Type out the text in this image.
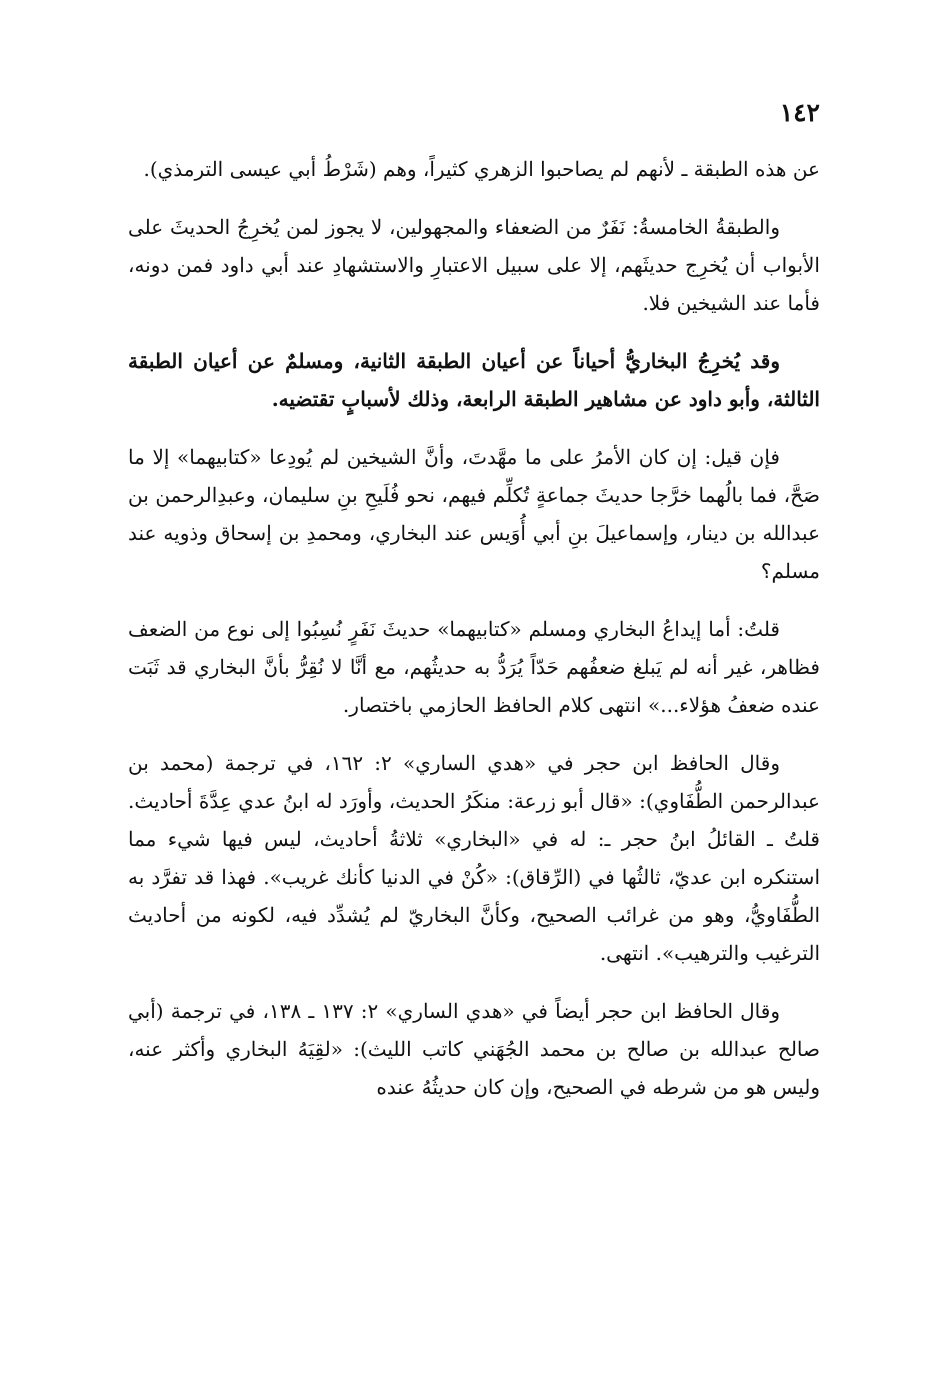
١٤٢

عن هذه الطبقة ـ لأنهم لم يصاحبوا الزهري كثيراً، وهم (شَرْطُ أبي عيسى الترمذي).

والطبقةُ الخامسةُ: نَفَرٌ من الضعفاء والمجهولين، لا يجوز لمن يُخرِجُ الحديثَ على الأبواب أن يُخرِج حديثَهم، إلا على سبيل الاعتبارِ والاستشهادِ عند أبي داود فمن دونه، فأما عند الشيخين فلا.

وقد يُخرِجُ البخاريُّ أحياناً عن أعيان الطبقة الثانية، ومسلمٌ عن أعيان الطبقة الثالثة، وأبو داود عن مشاهير الطبقة الرابعة، وذلك لأسبابٍ تقتضيه.

فإن قيل: إن كان الأمرُ على ما مهَّدتَ، وأنَّ الشيخين لم يُودِعا «كتابيهما» إلا ما صَحَّ، فما بالُهما خرَّجا حديثَ جماعةٍ تُكلِّم فيهم، نحو فُلَيحِ بنِ سليمان، وعبدِالرحمن بن عبدالله بن دينار، وإسماعيلَ بنِ أبي أُوَيس عند البخاري، ومحمدِ بن إسحاق وذويه عند مسلم؟

قلتُ: أما إيداعُ البخاري ومسلم «كتابيهما» حديثَ نَفَرٍ نُسِبُوا إلى نوع من الضعف فظاهر، غير أنه لم يَبلغ ضعفُهم حَدّاً يُرَدُّ به حديثُهم، مع أنَّا لا نُقِرُّ بأنَّ البخاري قد ثَبَت عنده ضعفُ هؤلاء...» انتهى كلام الحافظ الحازمي باختصار.

وقال الحافظ ابن حجر في «هدي الساري» ٢: ١٦٢، في ترجمة (محمد بن عبدالرحمن الطُّفَاوي): «قال أبو زرعة: منكَرُ الحديث، وأورَد له ابنُ عدي عِدَّةَ أحاديث. قلتُ ـ القائلُ ابنُ حجر ـ: له في «البخاري» ثلاثةُ أحاديث، ليس فيها شيء مما استنكره ابن عديّ، ثالثُها في (الرِّقاق): «كُنْ في الدنيا كأنك غريب». فهذا قد تفرَّد به الطُّفَاويُّ، وهو من غرائب الصحيح، وكأنَّ البخاريّ لم يُشدِّد فيه، لكونه من أحاديث الترغيب والترهيب». انتهى.

وقال الحافظ ابن حجر أيضاً في «هدي الساري» ٢: ١٣٧ ـ ١٣٨، في ترجمة (أبي صالح عبدالله بن صالح بن محمد الجُهَني كاتب الليث): «لقِيَهُ البخاري وأكثر عنه، وليس هو من شرطه في الصحيح، وإن كان حديثُهُ عنده
